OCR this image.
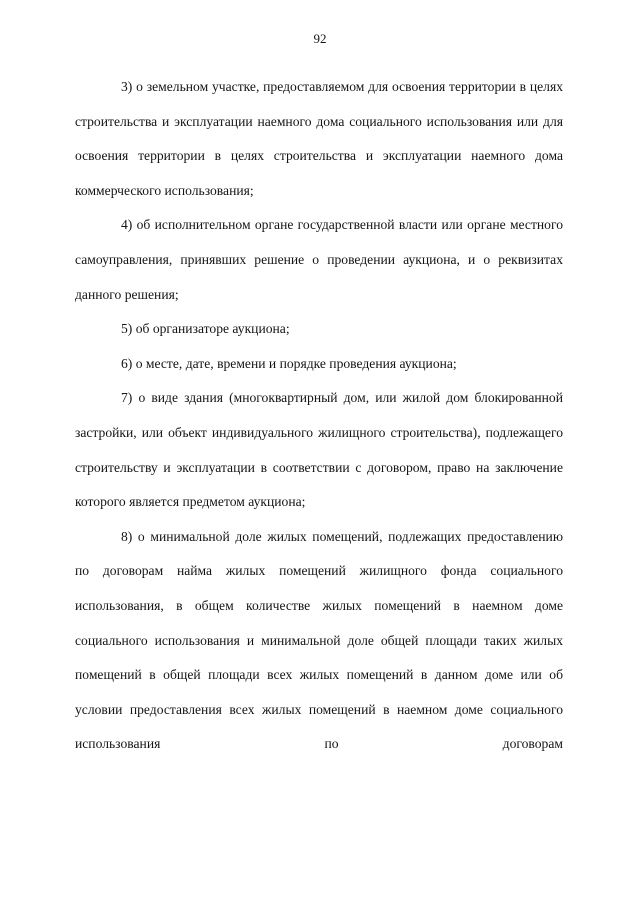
92

3) о земельном участке, предоставляемом для освоения территории в целях строительства и эксплуатации наемного дома социального использования или для освоения территории в целях строительства и эксплуатации наемного дома коммерческого использования;

4) об исполнительном органе государственной власти или органе местного самоуправления, принявших решение о проведении аукциона, и о реквизитах данного решения;

5) об организаторе аукциона;

6) о месте, дате, времени и порядке проведения аукциона;

7) о виде здания (многоквартирный дом, или жилой дом блокированной застройки, или объект индивидуального жилищного строительства), подлежащего строительству и эксплуатации в соответствии с договором, право на заключение которого является предметом аукциона;

8) о минимальной доле жилых помещений, подлежащих предоставлению по договорам найма жилых помещений жилищного фонда социального использования, в общем количестве жилых помещений в наемном доме социального использования и минимальной доле общей площади таких жилых помещений в общей площади всех жилых помещений в данном доме или об условии предоставления всех жилых помещений в наемном доме социального использования по договорам
